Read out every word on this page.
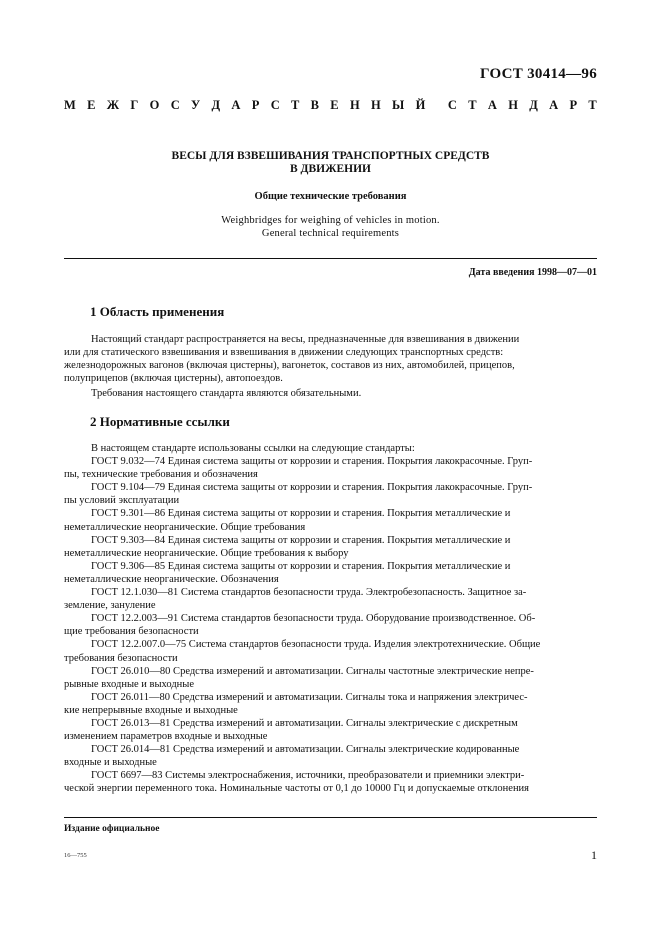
ГОСТ 30414—96
М Е Ж Г О С У Д А Р С Т В Е Н Н Ы Й С Т А Н Д А Р Т
ВЕСЫ ДЛЯ ВЗВЕШИВАНИЯ ТРАНСПОРТНЫХ СРЕДСТВ
В ДВИЖЕНИИ
Общие технические требования
Weighbridges for weighing of vehicles in motion.
General technical requirements
Дата введения 1998—07—01
1 Область применения
Настоящий стандарт распространяется на весы, предназначенные для взвешивания в движении
или для статического взвешивания и взвешивания в движении следующих транспортных средств:
железнодорожных вагонов (включая цистерны), вагонеток, составов из них, автомобилей, прицепов,
полуприцепов (включая цистерны), автопоездов.
Требования настоящего стандарта являются обязательными.
2 Нормативные ссылки
В настоящем стандарте использованы ссылки на следующие стандарты:
ГОСТ 9.032—74 Единая система защиты от коррозии и старения. Покрытия лакокрасочные. Груп-
пы, технические требования и обозначения
ГОСТ 9.104—79 Единая система защиты от коррозии и старения. Покрытия лакокрасочные. Груп-
пы условий эксплуатации
ГОСТ 9.301—86 Единая система защиты от коррозии и старения. Покрытия металлические и
неметаллические неорганические. Общие требования
ГОСТ 9.303—84 Единая система защиты от коррозии и старения. Покрытия металлические и
неметаллические неорганические. Общие требования к выбору
ГОСТ 9.306—85 Единая система защиты от коррозии и старения. Покрытия металлические и
неметаллические неорганические. Обозначения
ГОСТ 12.1.030—81 Система стандартов безопасности труда. Электробезопасность. Защитное за-
земление, зануление
ГОСТ 12.2.003—91 Система стандартов безопасности труда. Оборудование производственное. Об-
щие требования безопасности
ГОСТ 12.2.007.0—75 Система стандартов безопасности труда. Изделия электротехнические. Общие
требования безопасности
ГОСТ 26.010—80 Средства измерений и автоматизации. Сигналы частотные электрические непре-
рывные входные и выходные
ГОСТ 26.011—80 Средства измерений и автоматизации. Сигналы тока и напряжения электричес-
кие непрерывные входные и выходные
ГОСТ 26.013—81 Средства измерений и автоматизации. Сигналы электрические с дискретным
изменением параметров входные и выходные
ГОСТ 26.014—81 Средства измерений и автоматизации. Сигналы электрические кодированные
входные и выходные
ГОСТ 6697—83 Системы электроснабжения, источники, преобразователи и приемники электри-
ческой энергии переменного тока. Номинальные частоты от 0,1 до 10000 Гц и допускаемые отклонения
Издание официальное
16—755	1
